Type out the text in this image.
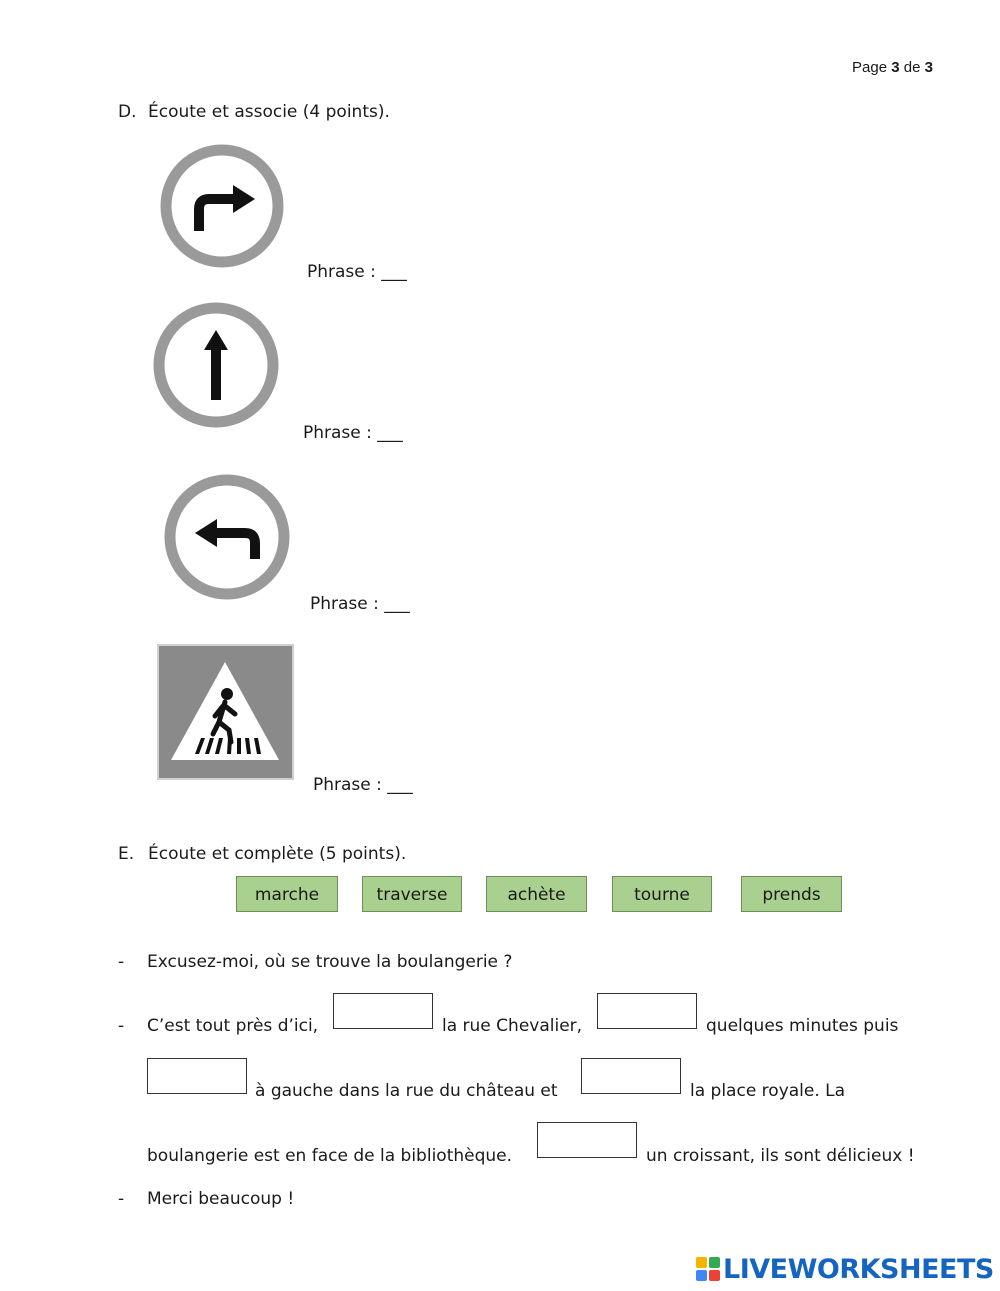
Page 3 de 3
D. Écoute et associe (4 points).
Phrase : ___
Phrase : ___
Phrase : ___
Phrase : ___
E. Écoute et complète (5 points).
marche	traverse	achète	tourne	prends
- Excusez-moi, où se trouve la boulangerie ?
- C’est tout près d’ici,	la rue Chevalier,	quelques minutes puis
à gauche dans la rue du château et	la place royale. La
boulangerie est en face de la bibliothèque.	un croissant, ils sont délicieux !
- Merci beaucoup !
LIVEWORKSHEETS
